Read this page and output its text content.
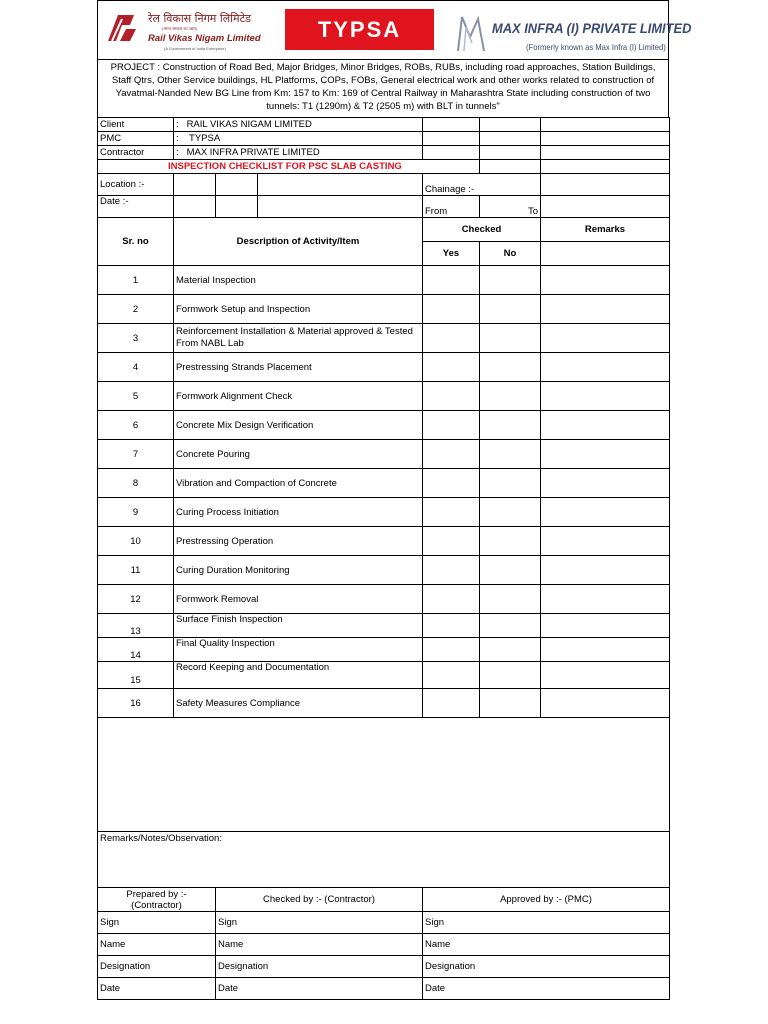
रेल विकास निगम लिमिटेड
(भारत सरकार का उद्यम)
Rail Vikas Nigam Limited
(A Government of India Enterprise)
TYPSA	MAX INFRA (I) PRIVATE LIMITED
(Formerly known as Max Infra (I) Limited)
PROJECT : Construction of Road Bed, Major Bridges, Minor Bridges, ROBs, RUBs, including road approaches, Station Buildings, Staff Qtrs, Other Service buildings, HL Platforms, COPs, FOBs, General electrical work and other works related to construction of Yavatmal-Nanded New BG Line from Km: 157 to Km: 169 of Central Railway in Maharashtra State including construction of two tunnels: T1 (1290m) & T2 (2505 m) with BLT in tunnels"
Client	: RAIL VIKAS NIGAM LIMITED					
PMC	:    TYPSA					
Contractor	: MAX INFRA PRIVATE LIMITED					
INSPECTION CHECKLIST FOR PSC SLAB CASTING						
Location :-				Chainage :-		
Date :-				From	To	
Sr. no	Description of Activity/Item			Checked		Remarks
				Yes	No	
1	Material Inspection					
2	Formwork Setup and Inspection					
3	Reinforcement Installation & Material approved & Tested From NABL Lab					
4	Prestressing Strands Placement					
5	Formwork Alignment Check					
6	Concrete Mix Design Verification					
7	Concrete Pouring					
8	Vibration and Compaction of Concrete					
9	Curing Process Initiation					
10	Prestressing Operation					
11	Curing Duration Monitoring					
12	Formwork Removal					
13	Surface Finish Inspection					
14	Final Quality Inspection					
15	Record Keeping and Documentation					
16	Safety Measures Compliance					

Remarks/Notes/Observation:						
Prepared by :- (Contractor)		Checked by :- (Contractor)		Approved by :- (PMC)		
Sign		Sign		Sign		
Name		Name		Name		
Designation		Designation		Designation		
Date		Date		Date		
